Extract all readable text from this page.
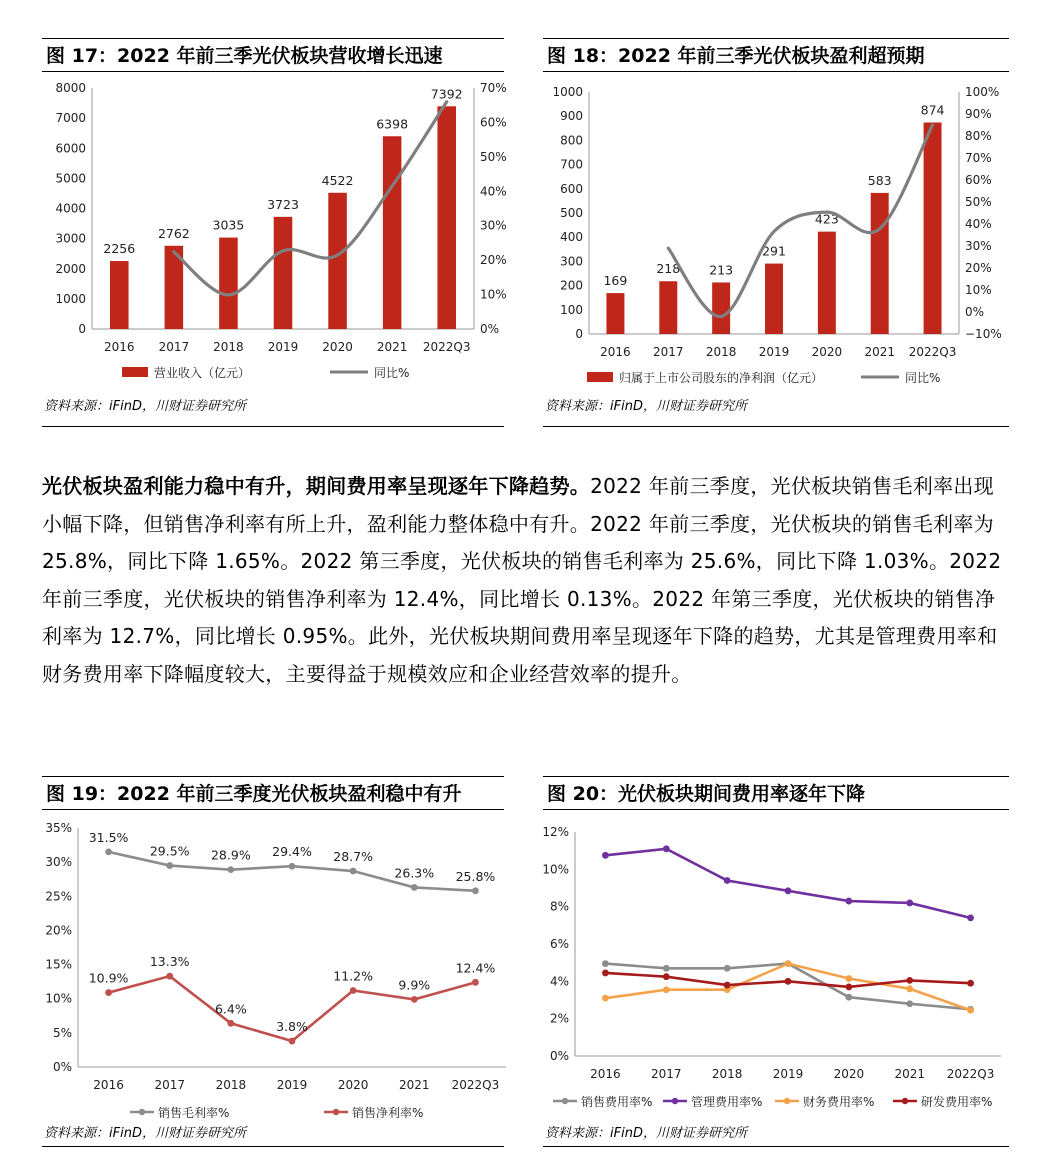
图 17：2022 年前三季光伏板块营收增长迅速
0
1000
2000
3000
4000
5000
6000
7000
8000
0%
10%
20%
30%
40%
50%
60%
70%
2256
2016
2762
2017
3035
2018
3723
2019
4522
2020
6398
2021
7392
2022Q3
营业收入（亿元）	同比%
资料来源：iFinD，川财证券研究所
图 18：2022 年前三季光伏板块盈利超预期
0
100
200
300
400
500
600
700
800
900
1000
−10%
0%
10%
20%
30%
40%
50%
60%
70%
80%
90%
100%
169
2016
218
2017
213
2018
291
2019
423
2020
583
2021
874
2022Q3
归属于上市公司股东的净利润（亿元）	同比%
资料来源：iFinD，川财证券研究所

光伏板块盈利能力稳中有升，期间费用率呈现逐年下降趋势。2022 年前三季度，光伏板块销售毛利率出现小幅下降，但销售净利率有所上升，盈利能力整体稳中有升。2022 年前三季度，光伏板块的销售毛利率为 25.8%，同比下降 1.65%。2022 第三季度，光伏板块的销售毛利率为 25.6%，同比下降 1.03%。2022 年前三季度，光伏板块的销售净利率为 12.4%，同比增长 0.13%。2022 年第三季度，光伏板块的销售净利率为 12.7%，同比增长 0.95%。此外，光伏板块期间费用率呈现逐年下降的趋势，尤其是管理费用率和财务费用率下降幅度较大，主要得益于规模效应和企业经营效率的提升。

图 19：2022 年前三季度光伏板块盈利稳中有升
0%
5%
10%
15%
20%
25%
30%
35%
2016	2017	2018	2019	2020	2021 2022Q3
31.5%
29.5% 28.9% 29.4% 28.7%
26.3% 25.8%
销售毛利率%
10.9%
13.3%
6.4%
3.8%
11.2%
9.9%
12.4%
销售净利率%
资料来源：iFinD，川财证券研究所
图 20：光伏板块期间费用率逐年下降
0%
2%
4%
6%
8%
10%
12%
2016	2017	2018	2019	2020	2021 2022Q3
销售费用率%	管理费用率%	财务费用率%	研发费用率%
资料来源：iFinD，川财证券研究所
